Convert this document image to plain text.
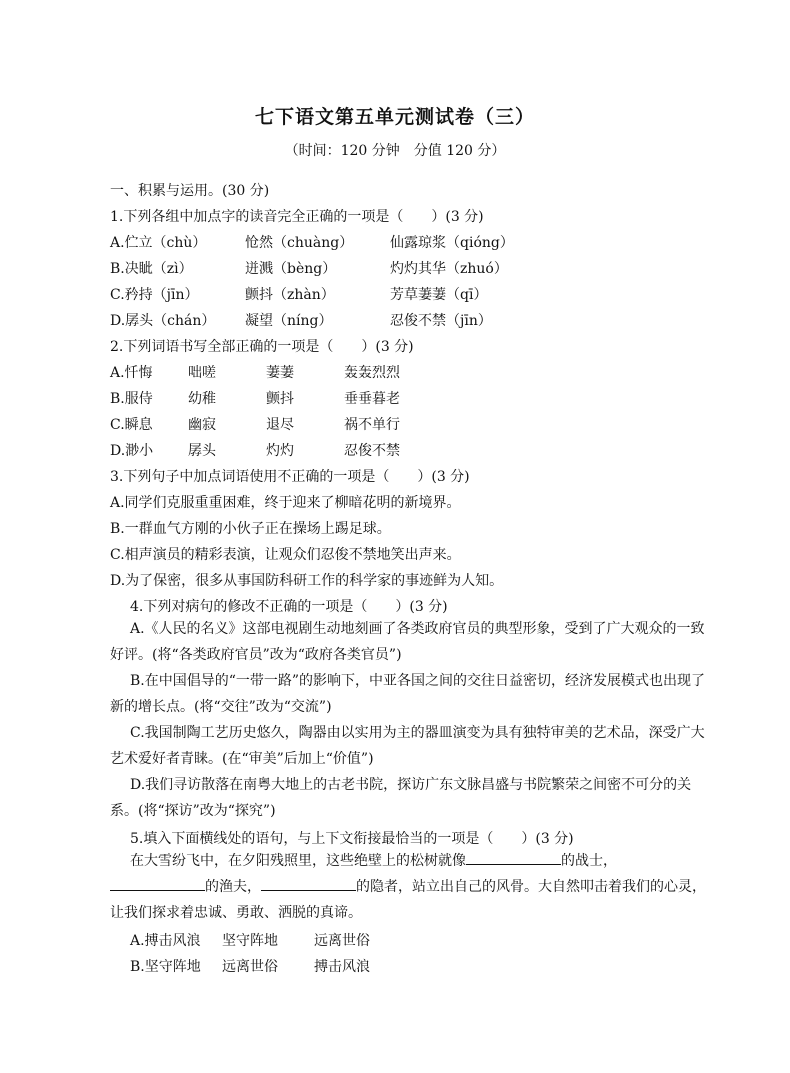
七下语文第五单元测试卷（三）
（时间：120 分钟　分值 120 分）
一、积累与运用。(30 分)
1.下列各组中加点字的读音完全正确的一项是（　　）(3 分)
A.伫立（chù）	怆然（chuàng）	仙露琼浆（qióng）
B.决眦（zì）	迸溅（bèng）	灼灼其华（zhuó）
C.矜持（jīn）	颤抖（zhàn）	芳草萋萋（qī）
D.孱头（chán） 凝望（níng）	忍俊不禁（jīn）
2.下列词语书写全部正确的一项是（　　）(3 分)
A.忏悔	咄嗟	萋萋	轰轰烈烈
B.服侍	幼稚	颤抖	垂垂暮老
C.瞬息	幽寂	退尽	祸不单行
D.渺小 孱头	灼灼	忍俊不禁
3.下列句子中加点词语使用不正确的一项是（　　）(3 分)
A.同学们克服重重困难，终于迎来了柳暗花明的新境界。
B.一群血气方刚的小伙子正在操场上踢足球。
C.相声演员的精彩表演，让观众们忍俊不禁地笑出声来。
D.为了保密，很多从事国防科研工作的科学家的事迹鲜为人知。
4.下列对病句的修改不正确的一项是（　　）(3 分)
A.《人民的名义》这部电视剧生动地刻画了各类政府官员的典型形象，受到了广大观众的一致好评。(将“各类政府官员”改为“政府各类官员”)
B.在中国倡导的“一带一路”的影响下，中亚各国之间的交往日益密切，经济发展模式也出现了新的增长点。(将“交往”改为“交流”)
C.我国制陶工艺历史悠久，陶器由以实用为主的器皿演变为具有独特审美的艺术品，深受广大艺术爱好者青睐。(在“审美”后加上“价值”)
D.我们寻访散落在南粤大地上的古老书院，探访广东文脉昌盛与书院繁荣之间密不可分的关系。(将“探访”改为“探究”)
5.填入下面横线处的语句，与上下文衔接最恰当的一项是（　　）(3 分)
在大雪纷飞中，在夕阳残照里，这些绝壁上的松树就像	的战士，的渔夫，	的隐者，站立出自己的风骨。大自然叩击着我们的心灵，让我们探求着忠诚、勇敢、洒脱的真谛。
A.搏击风浪 坚守阵地	远离世俗
B.坚守阵地 远离世俗	搏击风浪
